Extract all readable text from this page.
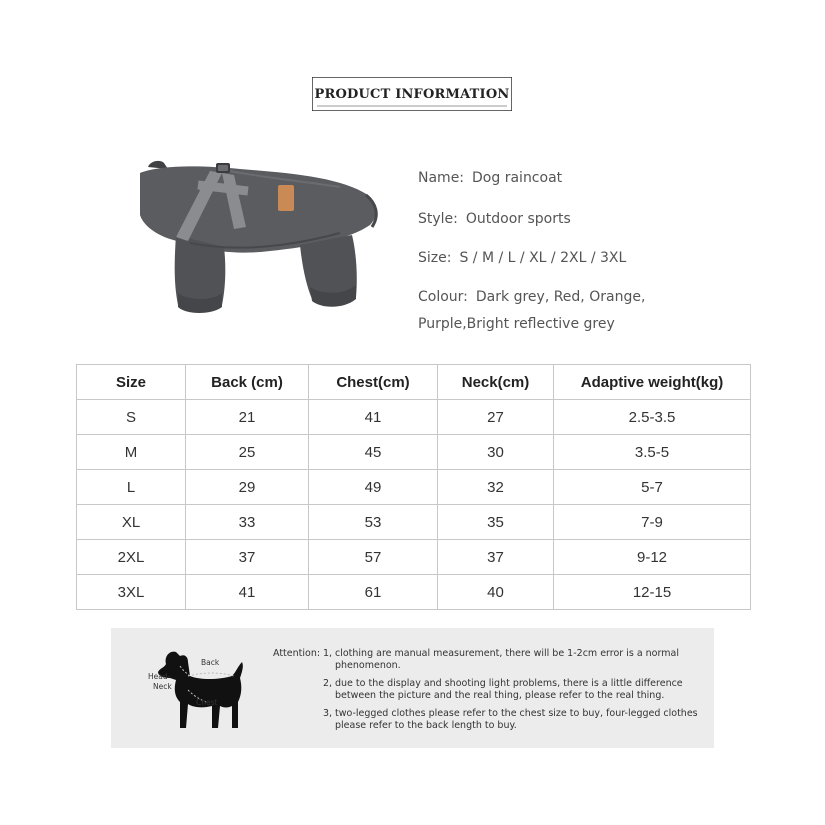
PRODUCT INFORMATION
Name: Dog raincoat
Style: Outdoor sports
Size: S / M / L / XL / 2XL / 3XL
Colour: Dark grey, Red, Orange,
Purple,Bright reflective grey
Size	Back (cm)	Chest(cm)	Neck(cm)	Adaptive weight(kg)
S	21	41	27	2.5-3.5
M	25	45	30	3.5-5
L	29	49	32	5-7
XL	33	53	35	7-9
2XL	37	57	37	9-12
3XL	41	61	40	12-15
Back
Head-
Neck
Chest
Attention: 1, clothing are manual measurement, there will be 1-2cm error is a normal phenomenon.
2, due to the display and shooting light problems, there is a little difference between the picture and the real thing, please refer to the real thing.
3, two-legged clothes please refer to the chest size to buy, four-legged clothes please refer to the back length to buy.
